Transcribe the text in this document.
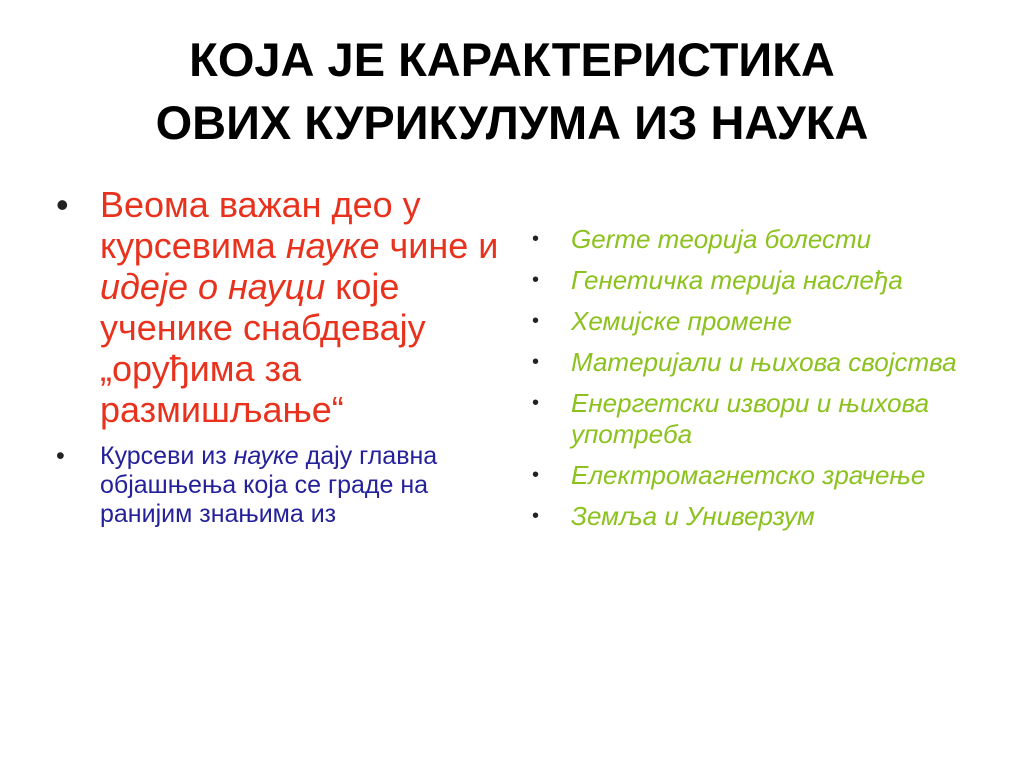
КОЈА ЈЕ КАРАКТЕРИСТИКА
ОВИХ КУРИКУЛУМА ИЗ НАУКА
• Веома важан део у курсевима науке чине и идеје о науци које ученике снабдевају „оруђима за размишљање“
•	Курсеви из науке дају главна објашњења која се граде на ранијим знањима из
•	Germe теорија болести
•	Генетичка терија наслеђа
•	Хемијске промене
•	Материјали и њихова својства
•	Енергетски извори и њихова употреба
•	Електромагнетско зрачење
•	Земља и Универзум
